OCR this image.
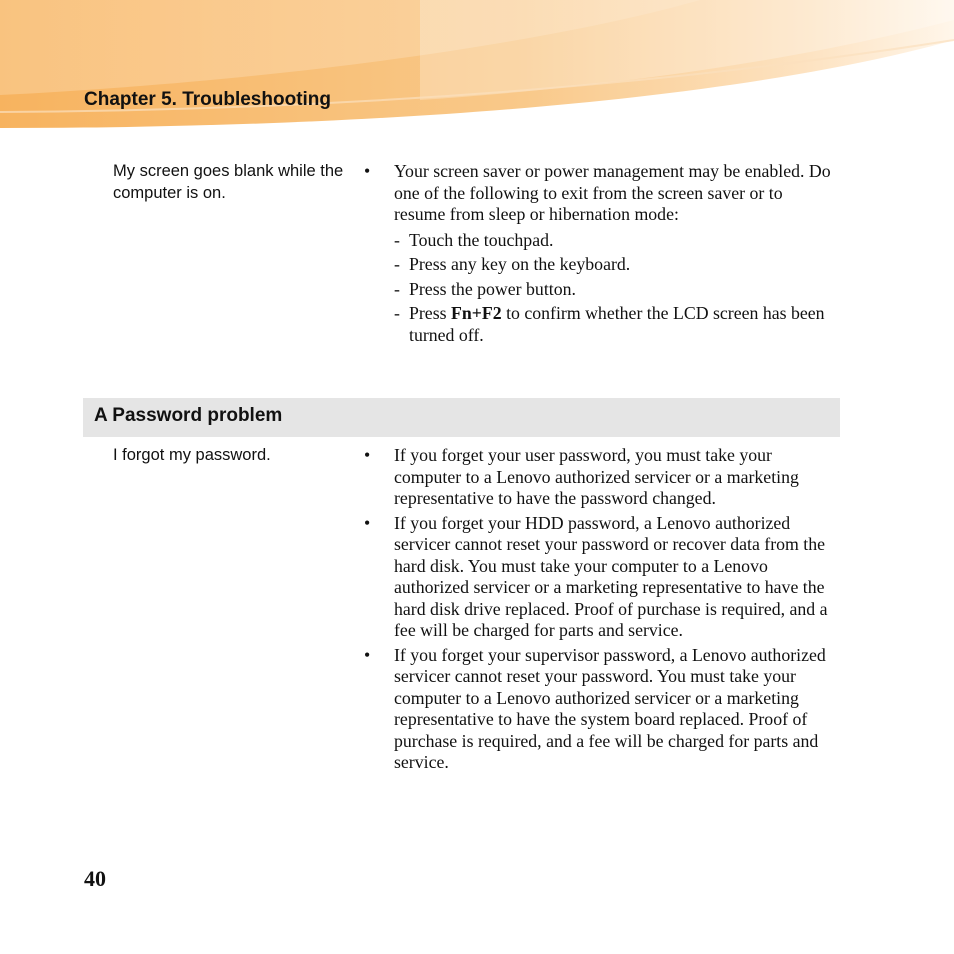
Chapter 5. Troubleshooting
My screen goes blank while the computer is on.
• Your screen saver or power management may be enabled. Do one of the following to exit from the screen saver or to resume from sleep or hibernation mode:
- Touch the touchpad.
- Press any key on the keyboard.
- Press the power button.
- Press Fn+F2 to confirm whether the LCD screen has been turned off.
A Password problem
I forgot my password.	• If you forget your user password, you must take your computer to a Lenovo authorized servicer or a marketing representative to have the password changed.
• If you forget your HDD password, a Lenovo authorized servicer cannot reset your password or recover data from the hard disk. You must take your computer to a Lenovo authorized servicer or a marketing representative to have the hard disk drive replaced. Proof of purchase is required, and a fee will be charged for parts and service.
• If you forget your supervisor password, a Lenovo authorized servicer cannot reset your password. You must take your computer to a Lenovo authorized servicer or a marketing representative to have the system board replaced. Proof of purchase is required, and a fee will be charged for parts and service.
40
